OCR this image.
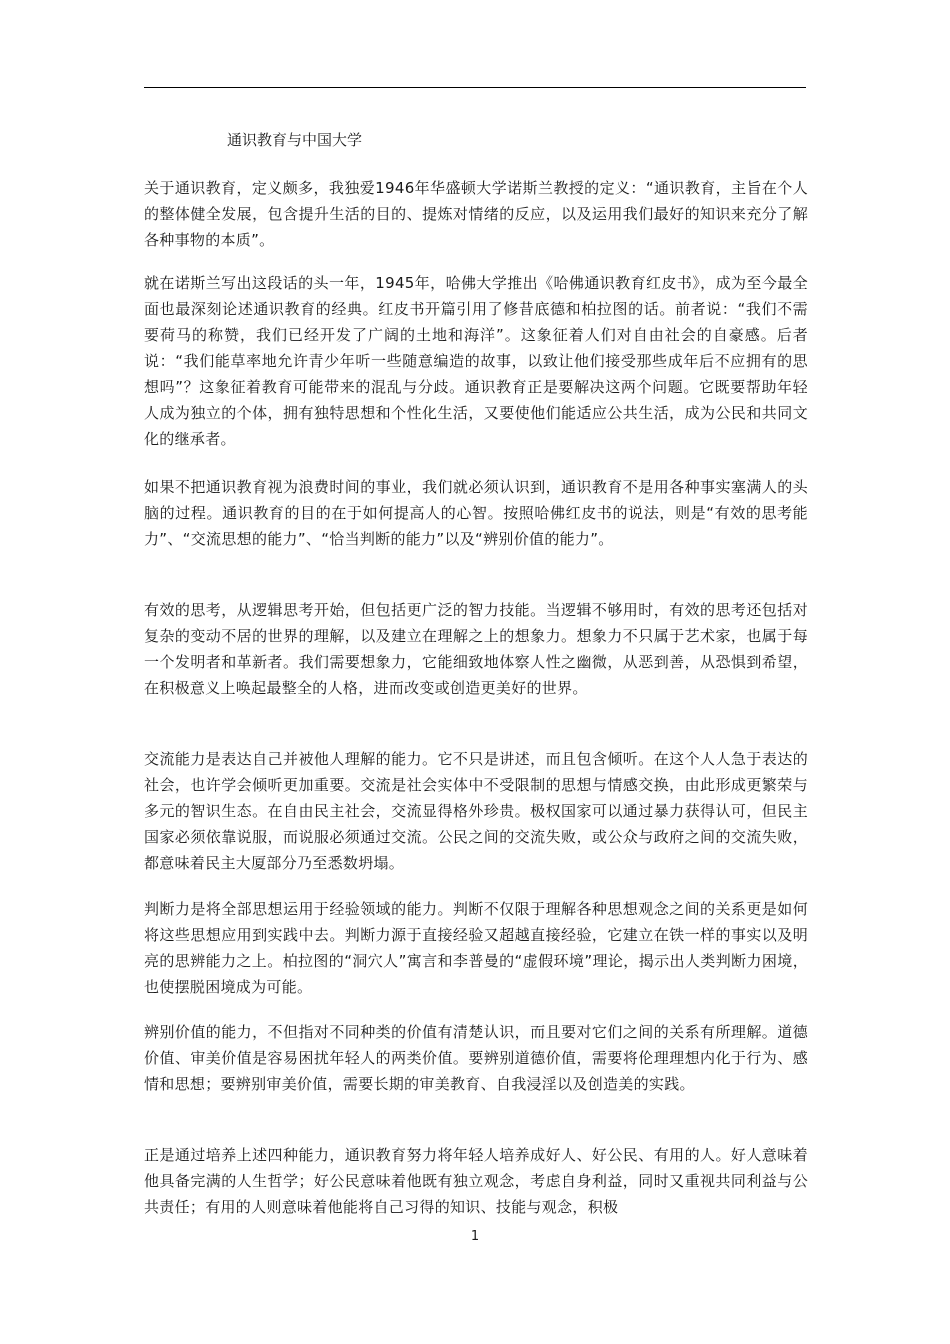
通识教育与中国大学

关于通识教育，定义颇多，我独爱1946年华盛顿大学诺斯兰教授的定义：“通识教育，主旨在个人的整体健全发展，包含提升生活的目的、提炼对情绪的反应，以及运用我们最好的知识来充分了解各种事物的本质”。

就在诺斯兰写出这段话的头一年，1945年，哈佛大学推出《哈佛通识教育红皮书》，成为至今最全面也最深刻论述通识教育的经典。红皮书开篇引用了修昔底德和柏拉图的话。前者说：“我们不需要荷马的称赞，我们已经开发了广阔的土地和海洋”。这象征着人们对自由社会的自豪感。后者说：“我们能草率地允许青少年听一些随意编造的故事，以致让他们接受那些成年后不应拥有的思想吗”？这象征着教育可能带来的混乱与分歧。通识教育正是要解决这两个问题。它既要帮助年轻人成为独立的个体，拥有独特思想和个性化生活，又要使他们能适应公共生活，成为公民和共同文化的继承者。

如果不把通识教育视为浪费时间的事业，我们就必须认识到，通识教育不是用各种事实塞满人的头脑的过程。通识教育的目的在于如何提高人的心智。按照哈佛红皮书的说法，则是“有效的思考能力”、“交流思想的能力”、“恰当判断的能力”以及“辨别价值的能力”。

有效的思考，从逻辑思考开始，但包括更广泛的智力技能。当逻辑不够用时，有效的思考还包括对复杂的变动不居的世界的理解，以及建立在理解之上的想象力。想象力不只属于艺术家，也属于每一个发明者和革新者。我们需要想象力，它能细致地体察人性之幽微，从恶到善，从恐惧到希望，在积极意义上唤起最整全的人格，进而改变或创造更美好的世界。

交流能力是表达自己并被他人理解的能力。它不只是讲述，而且包含倾听。在这个人人急于表达的社会，也许学会倾听更加重要。交流是社会实体中不受限制的思想与情感交换，由此形成更繁荣与多元的智识生态。在自由民主社会，交流显得格外珍贵。极权国家可以通过暴力获得认可，但民主国家必须依靠说服，而说服必须通过交流。公民之间的交流失败，或公众与政府之间的交流失败，都意味着民主大厦部分乃至悉数坍塌。

判断力是将全部思想运用于经验领域的能力。判断不仅限于理解各种思想观念之间的关系更是如何将这些思想应用到实践中去。判断力源于直接经验又超越直接经验，它建立在铁一样的事实以及明亮的思辨能力之上。柏拉图的“洞穴人”寓言和李普曼的“虚假环境”理论，揭示出人类判断力困境，也使摆脱困境成为可能。

辨别价值的能力，不但指对不同种类的价值有清楚认识，而且要对它们之间的关系有所理解。道德价值、审美价值是容易困扰年轻人的两类价值。要辨别道德价值，需要将伦理理想内化于行为、感情和思想；要辨别审美价值，需要长期的审美教育、自我浸淫以及创造美的实践。

正是通过培养上述四种能力，通识教育努力将年轻人培养成好人、好公民、有用的人。好人意味着他具备完满的人生哲学；好公民意味着他既有独立观念，考虑自身利益，同时又重视共同利益与公共责任；有用的人则意味着他能将自己习得的知识、技能与观念，积极

1
